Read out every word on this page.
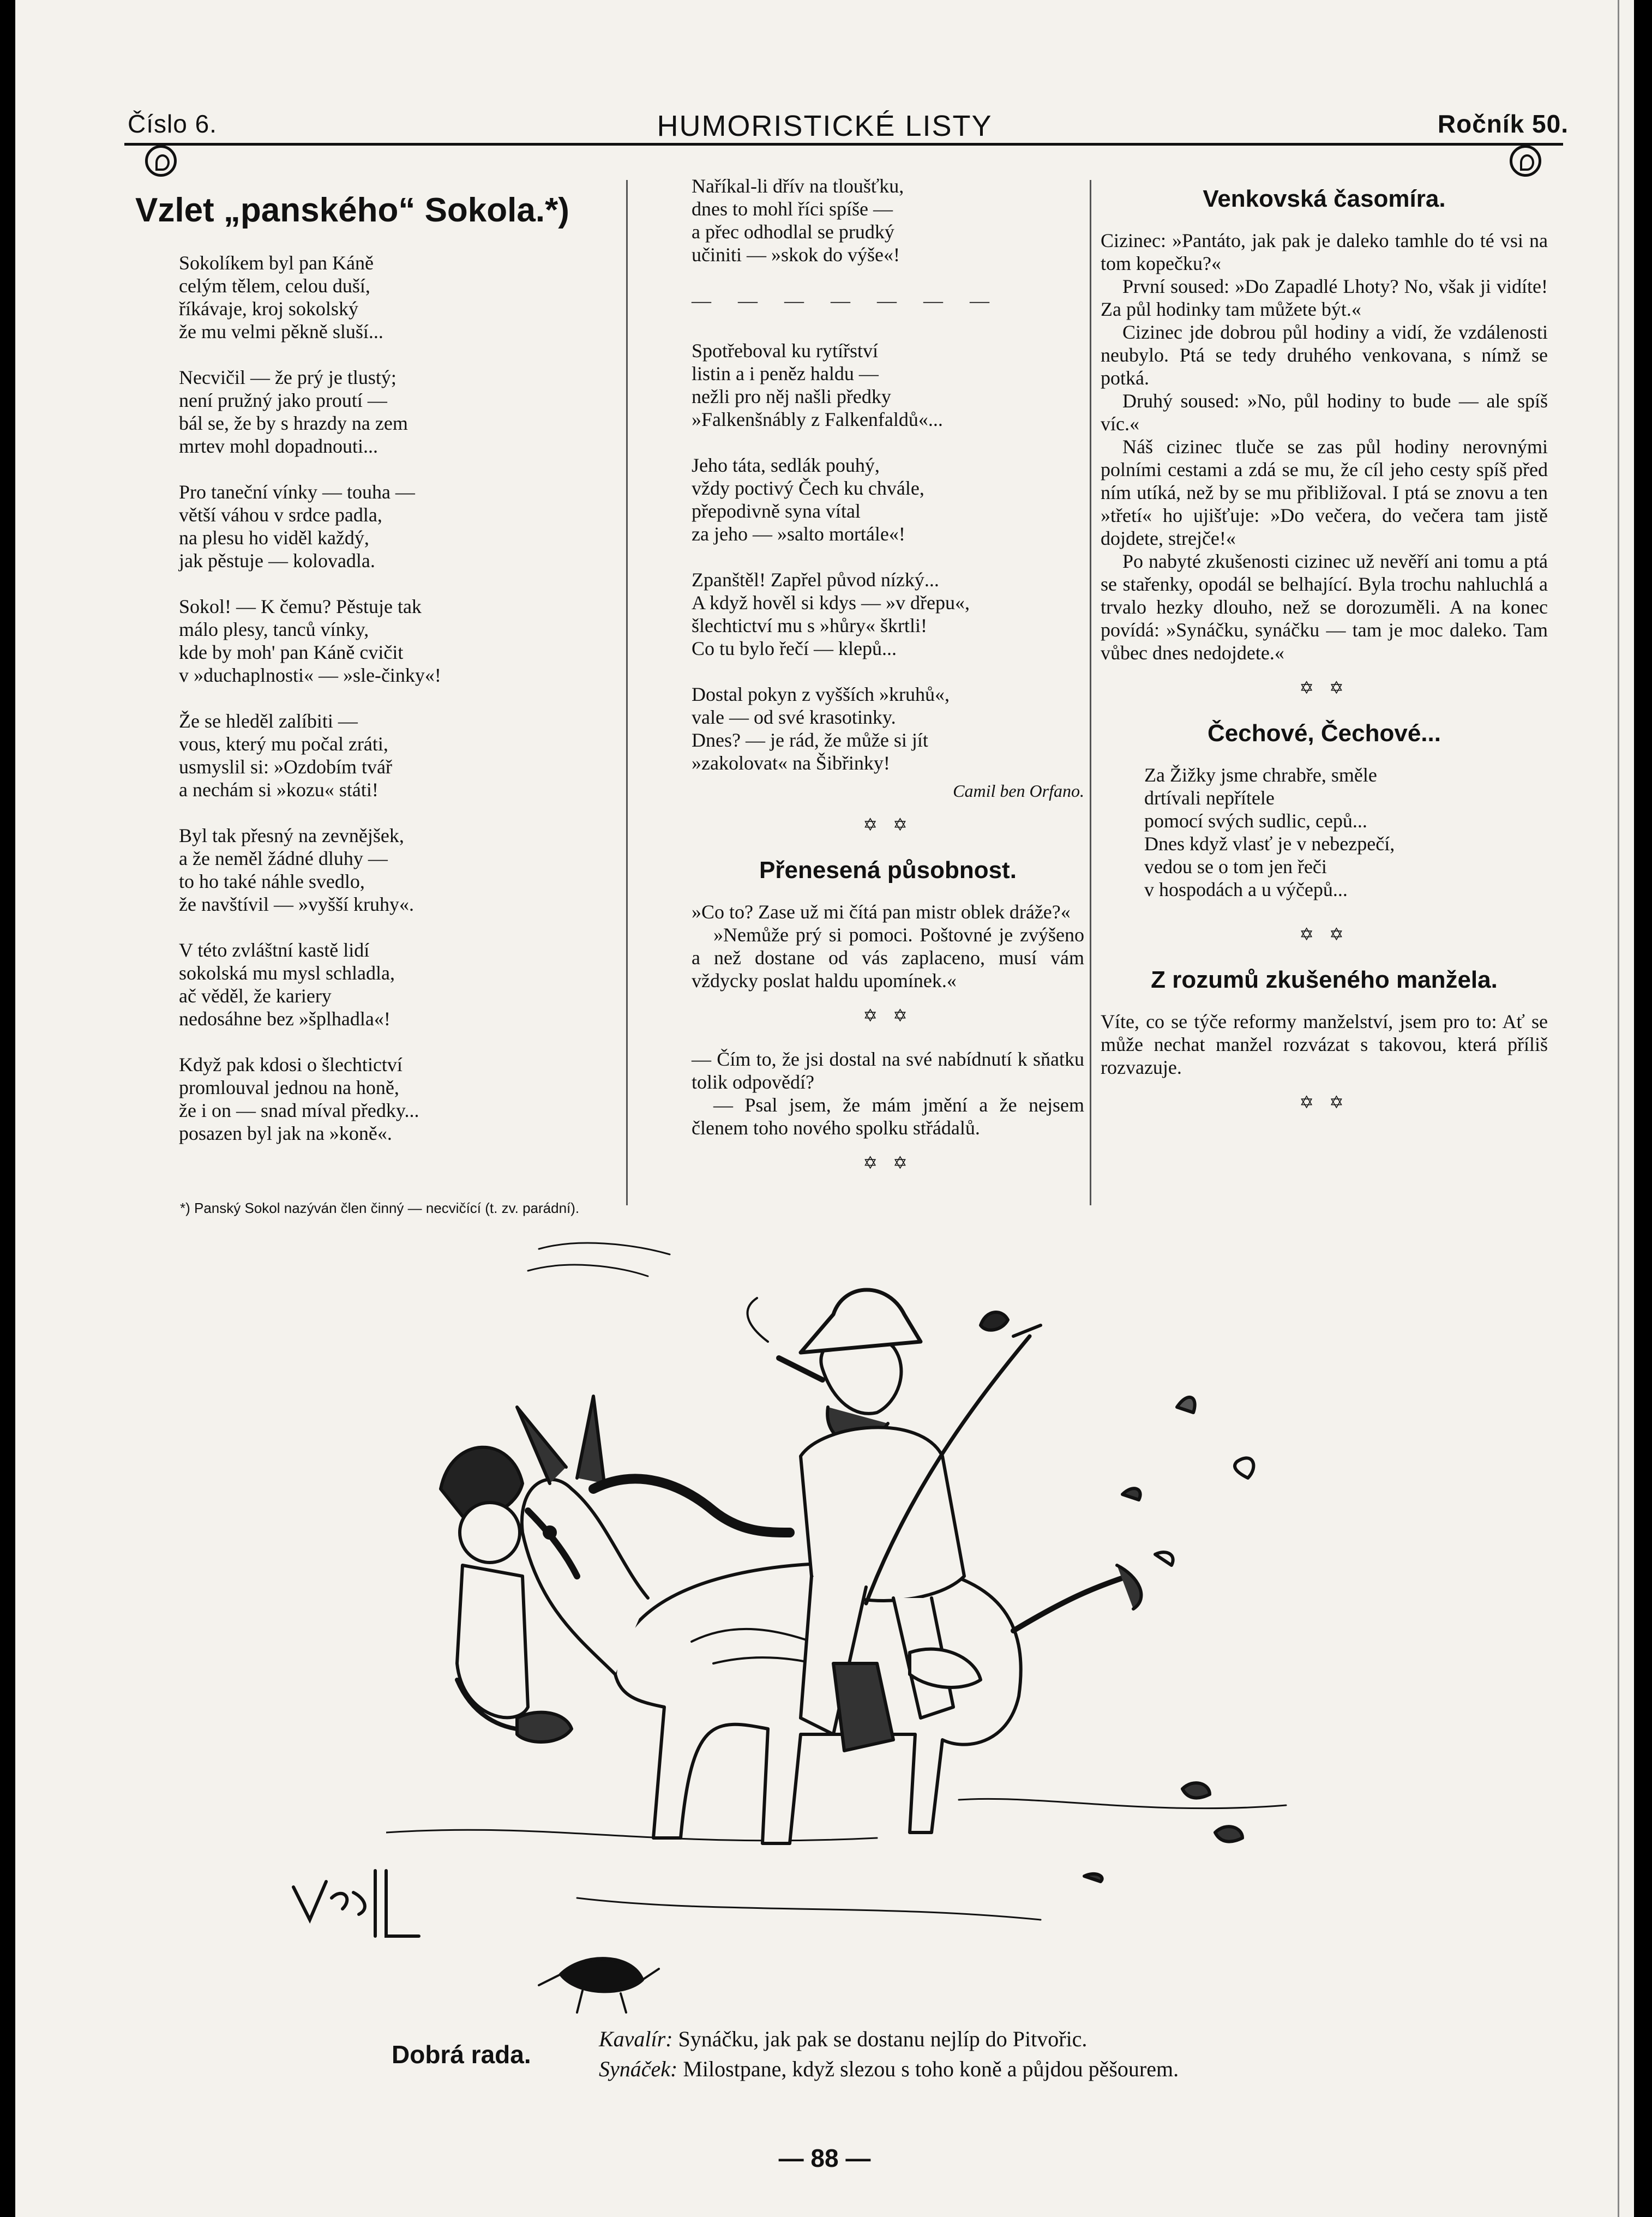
Číslo 6.	HUMORISTICKÉ LISTY	Ročník 50.
Vzlet „panského“ Sokola.*)
Sokolíkem byl pan Káně
celým tělem, celou duší,
říkávaje, kroj sokolský
že mu velmi pěkně sluší...
Necvičil — že prý je tlustý;
není pružný jako proutí —
bál se, že by s hrazdy na zem
mrtev mohl dopadnouti...
Pro taneční vínky — touha —
větší váhou v srdce padla,
na plesu ho viděl každý,
jak pěstuje — kolovadla.
Sokol! — K čemu? Pěstuje tak
málo plesy, tanců vínky,
kde by moh' pan Káně cvičit
v »duchaplnosti« — »sle-činky«!
Že se hleděl zalíbiti —
vous, který mu počal zráti,
usmyslil si: »Ozdobím tvář
a nechám si »kozu« státi!
Byl tak přesný na zevnějšek,
a že neměl žádné dluhy —
to ho také náhle svedlo,
že navštívil — »vyšší kruhy«.
V této zvláštní kastě lidí
sokolská mu mysl schladla,
ač věděl, že kariery
nedosáhne bez »šplhadla«!
Když pak kdosi o šlechtictví
promlouval jednou na honě,
že i on — snad míval předky...
posazen byl jak na »koně«.
*) Panský Sokol nazýván člen činný — necvičící (t. zv. parádní).
Naříkal-li dřív na tloušťku,
dnes to mohl říci spíše —
a přec odhodlal se prudký
učiniti — »skok do výše«!
— — — — — — —
Spotřeboval ku rytířství
listin a i peněz haldu —
nežli pro něj našli předky
»Falkenšnábly z Falkenfaldů«...
Jeho táta, sedlák pouhý,
vždy poctivý Čech ku chvále,
přepodivně syna vítal
za jeho — »salto mortále«!
Zpanštěl! Zapřel původ nízký...
A když hověl si kdys — »v dřepu«,
šlechtictví mu s »hůry« škrtli!
Co tu bylo řečí — klepů...
Dostal pokyn z vyšších »kruhů«,
vale — od své krasotinky.
Dnes? — je rád, že může si jít
»zakolovat« na Šibřinky!
Camil ben Orfano.
✡ ✡
Přenesená působnost.

»Co to? Zase už mi čítá pan mistr oblek dráže?«

»Nemůže prý si pomoci. Poštovné je zvýšeno a než dostane od vás zaplaceno, musí vám vždycky poslat haldu upomínek.«

✡ ✡

— Čím to, že jsi dostal na své nabídnutí k sňatku tolik odpovědí?

— Psal jsem, že mám jmění a že nejsem členem toho nového spolku střádalů.

✡ ✡
Venkovská časomíra.

Cizinec: »Pantáto, jak pak je daleko tamhle do té vsi na tom kopečku?«

První soused: »Do Zapadlé Lhoty? No, však ji vidíte! Za půl hodinky tam můžete být.«

Cizinec jde dobrou půl hodiny a vidí, že vzdálenosti neubylo. Ptá se tedy druhého venkovana, s nímž se potká.

Druhý soused: »No, půl hodiny to bude — ale spíš víc.«

Náš cizinec tluče se zas půl hodiny nerovnými polními cestami a zdá se mu, že cíl jeho cesty spíš před ním utíká, než by se mu přibližoval. I ptá se znovu a ten »třetí« ho ujišťuje: »Do večera, do večera tam jistě dojdete, strejče!«

Po nabyté zkušenosti cizinec už nevěří ani tomu a ptá se stařenky, opodál se belhající. Byla trochu nahluchlá a trvalo hezky dlouho, než se dorozuměli. A na konec povídá: »Synáčku, synáčku — tam je moc daleko. Tam vůbec dnes nedojdete.«

✡ ✡
Čechové, Čechové...
Za Žižky jsme chrabře, směle
drtívali nepřítele
pomocí svých sudlic, cepů...
Dnes když vlasť je v nebezpečí,
vedou se o tom jen řeči
v hospodách a u výčepů...
✡ ✡
Z rozumů zkušeného manžela.

Víte, co se týče reformy manželství, jsem pro to: Ať se může nechat manžel rozvázat s takovou, která příliš rozvazuje.

✡ ✡
Dobrá rada.
Kavalír: Synáčku, jak pak se dostanu nejlíp do Pitvořic.
Synáček: Milostpane, když slezou s toho koně a půjdou pěšourem.
— 88 —
